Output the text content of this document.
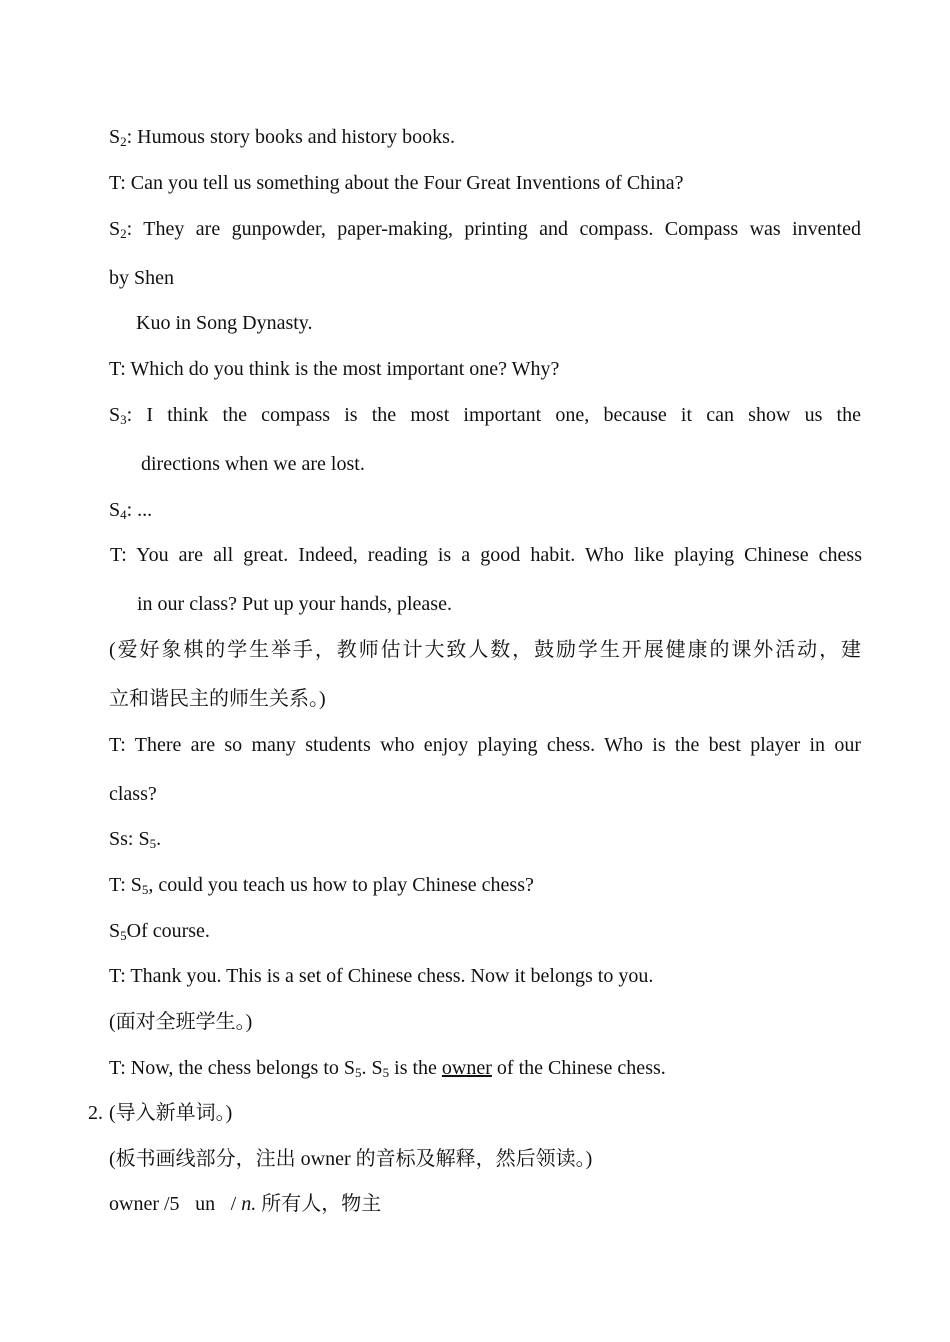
$S_2$: Humous story books and history books.
T: Can you tell us something about the Four Great Inventions of China?
$S_2$: They are gunpowder, paper-making, printing and compass. Compass was invented
by Shen
Kuo in Song Dynasty.
T: Which do you think is the most important one? Why?
$S_3$: I think the compass is the most important one, because it can show us the
directions when we are lost.
$S_4$: ...
T: You are all great. Indeed, reading is a good habit. Who like playing Chinese chess
in our class? Put up your hands, please.
(爱好象棋的学生举手，教师估计大致人数，鼓励学生开展健康的课外活动，建
立和谐民主的师生关系。)
T: There are so many students who enjoy playing chess. Who is the best player in our
class?
Ss: $S_5$.
T: $S_5$, could you teach us how to play Chinese chess?
$S_5Of$ course.
T: Thank you. This is a set of Chinese chess. Now it belongs to you.
(面对全班学生。)
T: Now, the chess belongs to $S_5$. $S_5$ is the owner of the Chinese chess.
2. (导入新单词。)
(板书画线部分，注出 owner 的音标及解释，然后领读。)
owner /5 un / n. 所有人，物主
